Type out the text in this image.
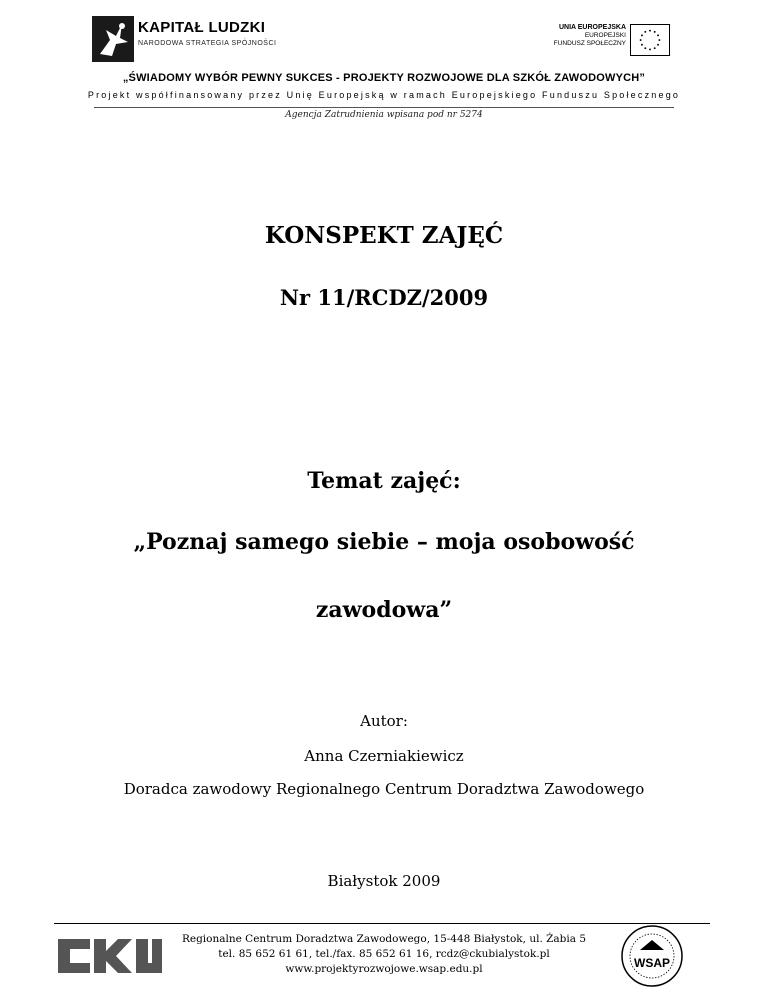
KAPITAŁ LUDZKI
NARODOWA STRATEGIA SPÓJNOŚCI
UNIA EUROPEJSKA
EUROPEJSKI
FUNDUSZ SPOŁECZNY
„ŚWIADOMY WYBÓR PEWNY SUKCES - PROJEKTY ROZWOJOWE DLA SZKÓŁ ZAWODOWYCH”
Projekt współfinansowany przez Unię Europejską w ramach Europejskiego Funduszu Społecznego
Agencja Zatrudnienia wpisana pod nr 5274
KONSPEKT ZAJĘĆ
Nr 11/RCDZ/2009
Temat zajęć:
„Poznaj samego siebie – moja osobowość
zawodowa”
Autor:
Anna Czerniakiewicz
Doradca zawodowy Regionalnego Centrum Doradztwa Zawodowego
Białystok 2009
Regionalne Centrum Doradztwa Zawodowego, 15-448 Białystok, ul. Żabia 5
tel. 85 652 61 61, tel./fax. 85 652 61 16, rcdz@ckubialystok.pl
www.projektyrozwojowe.wsap.edu.pl	WSAP
